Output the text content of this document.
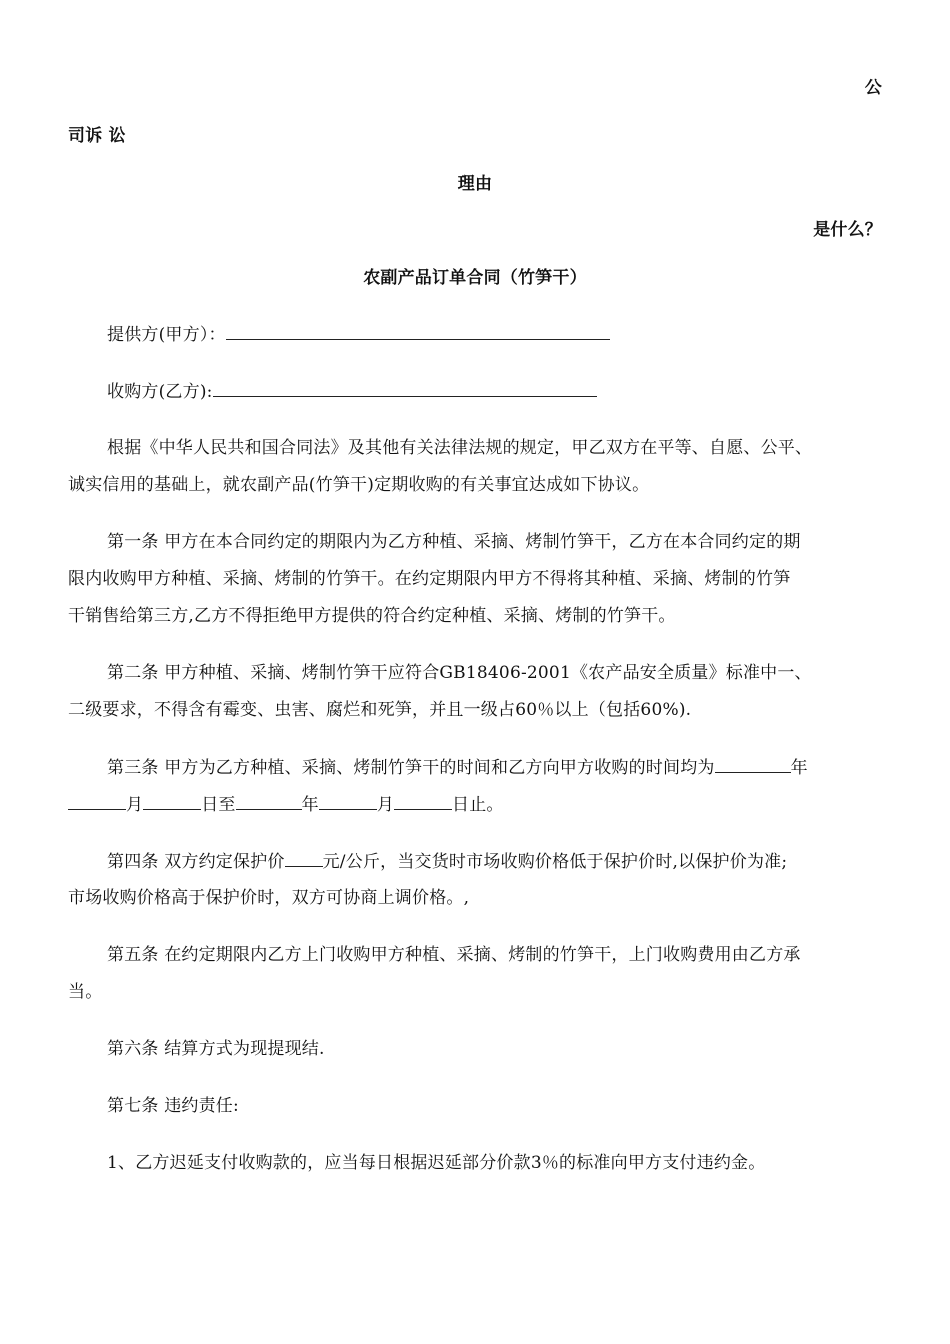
公
司诉 讼
理由
是什么？
农副产品订单合同（竹笋干）
提供方(甲方）：
收购方(乙方):
根据《中华人民共和国合同法》及其他有关法律法规的规定，甲乙双方在平等、自愿、公平、
诚实信用的基础上，就农副产品(竹笋干)定期收购的有关事宜达成如下协议。
第一条 甲方在本合同约定的期限内为乙方种植、采摘、烤制竹笋干，乙方在本合同约定的期
限内收购甲方种植、采摘、烤制的竹笋干。在约定期限内甲方不得将其种植、采摘、烤制的竹笋
干销售给第三方,乙方不得拒绝甲方提供的符合约定种植、采摘、烤制的竹笋干。
第二条 甲方种植、采摘、烤制竹笋干应符合GB18406-2001《农产品安全质量》标准中一、
二级要求，不得含有霉变、虫害、腐烂和死笋，并且一级占60％以上（包括60%).
第三条 甲方为乙方种植、采摘、烤制竹笋干的时间和乙方向甲方收购的时间均为	年
月	日至	年	月	日止。
第四条 双方约定保护价 元/公斤，当交货时市场收购价格低于保护价时,以保护价为准;
市场收购价格高于保护价时，双方可协商上调价格。,
第五条 在约定期限内乙方上门收购甲方种植、采摘、烤制的竹笋干，上门收购费用由乙方承
当。
第六条 结算方式为现提现结.
第七条 违约责任:
1、乙方迟延支付收购款的，应当每日根据迟延部分价款3％的标准向甲方支付违约金。
